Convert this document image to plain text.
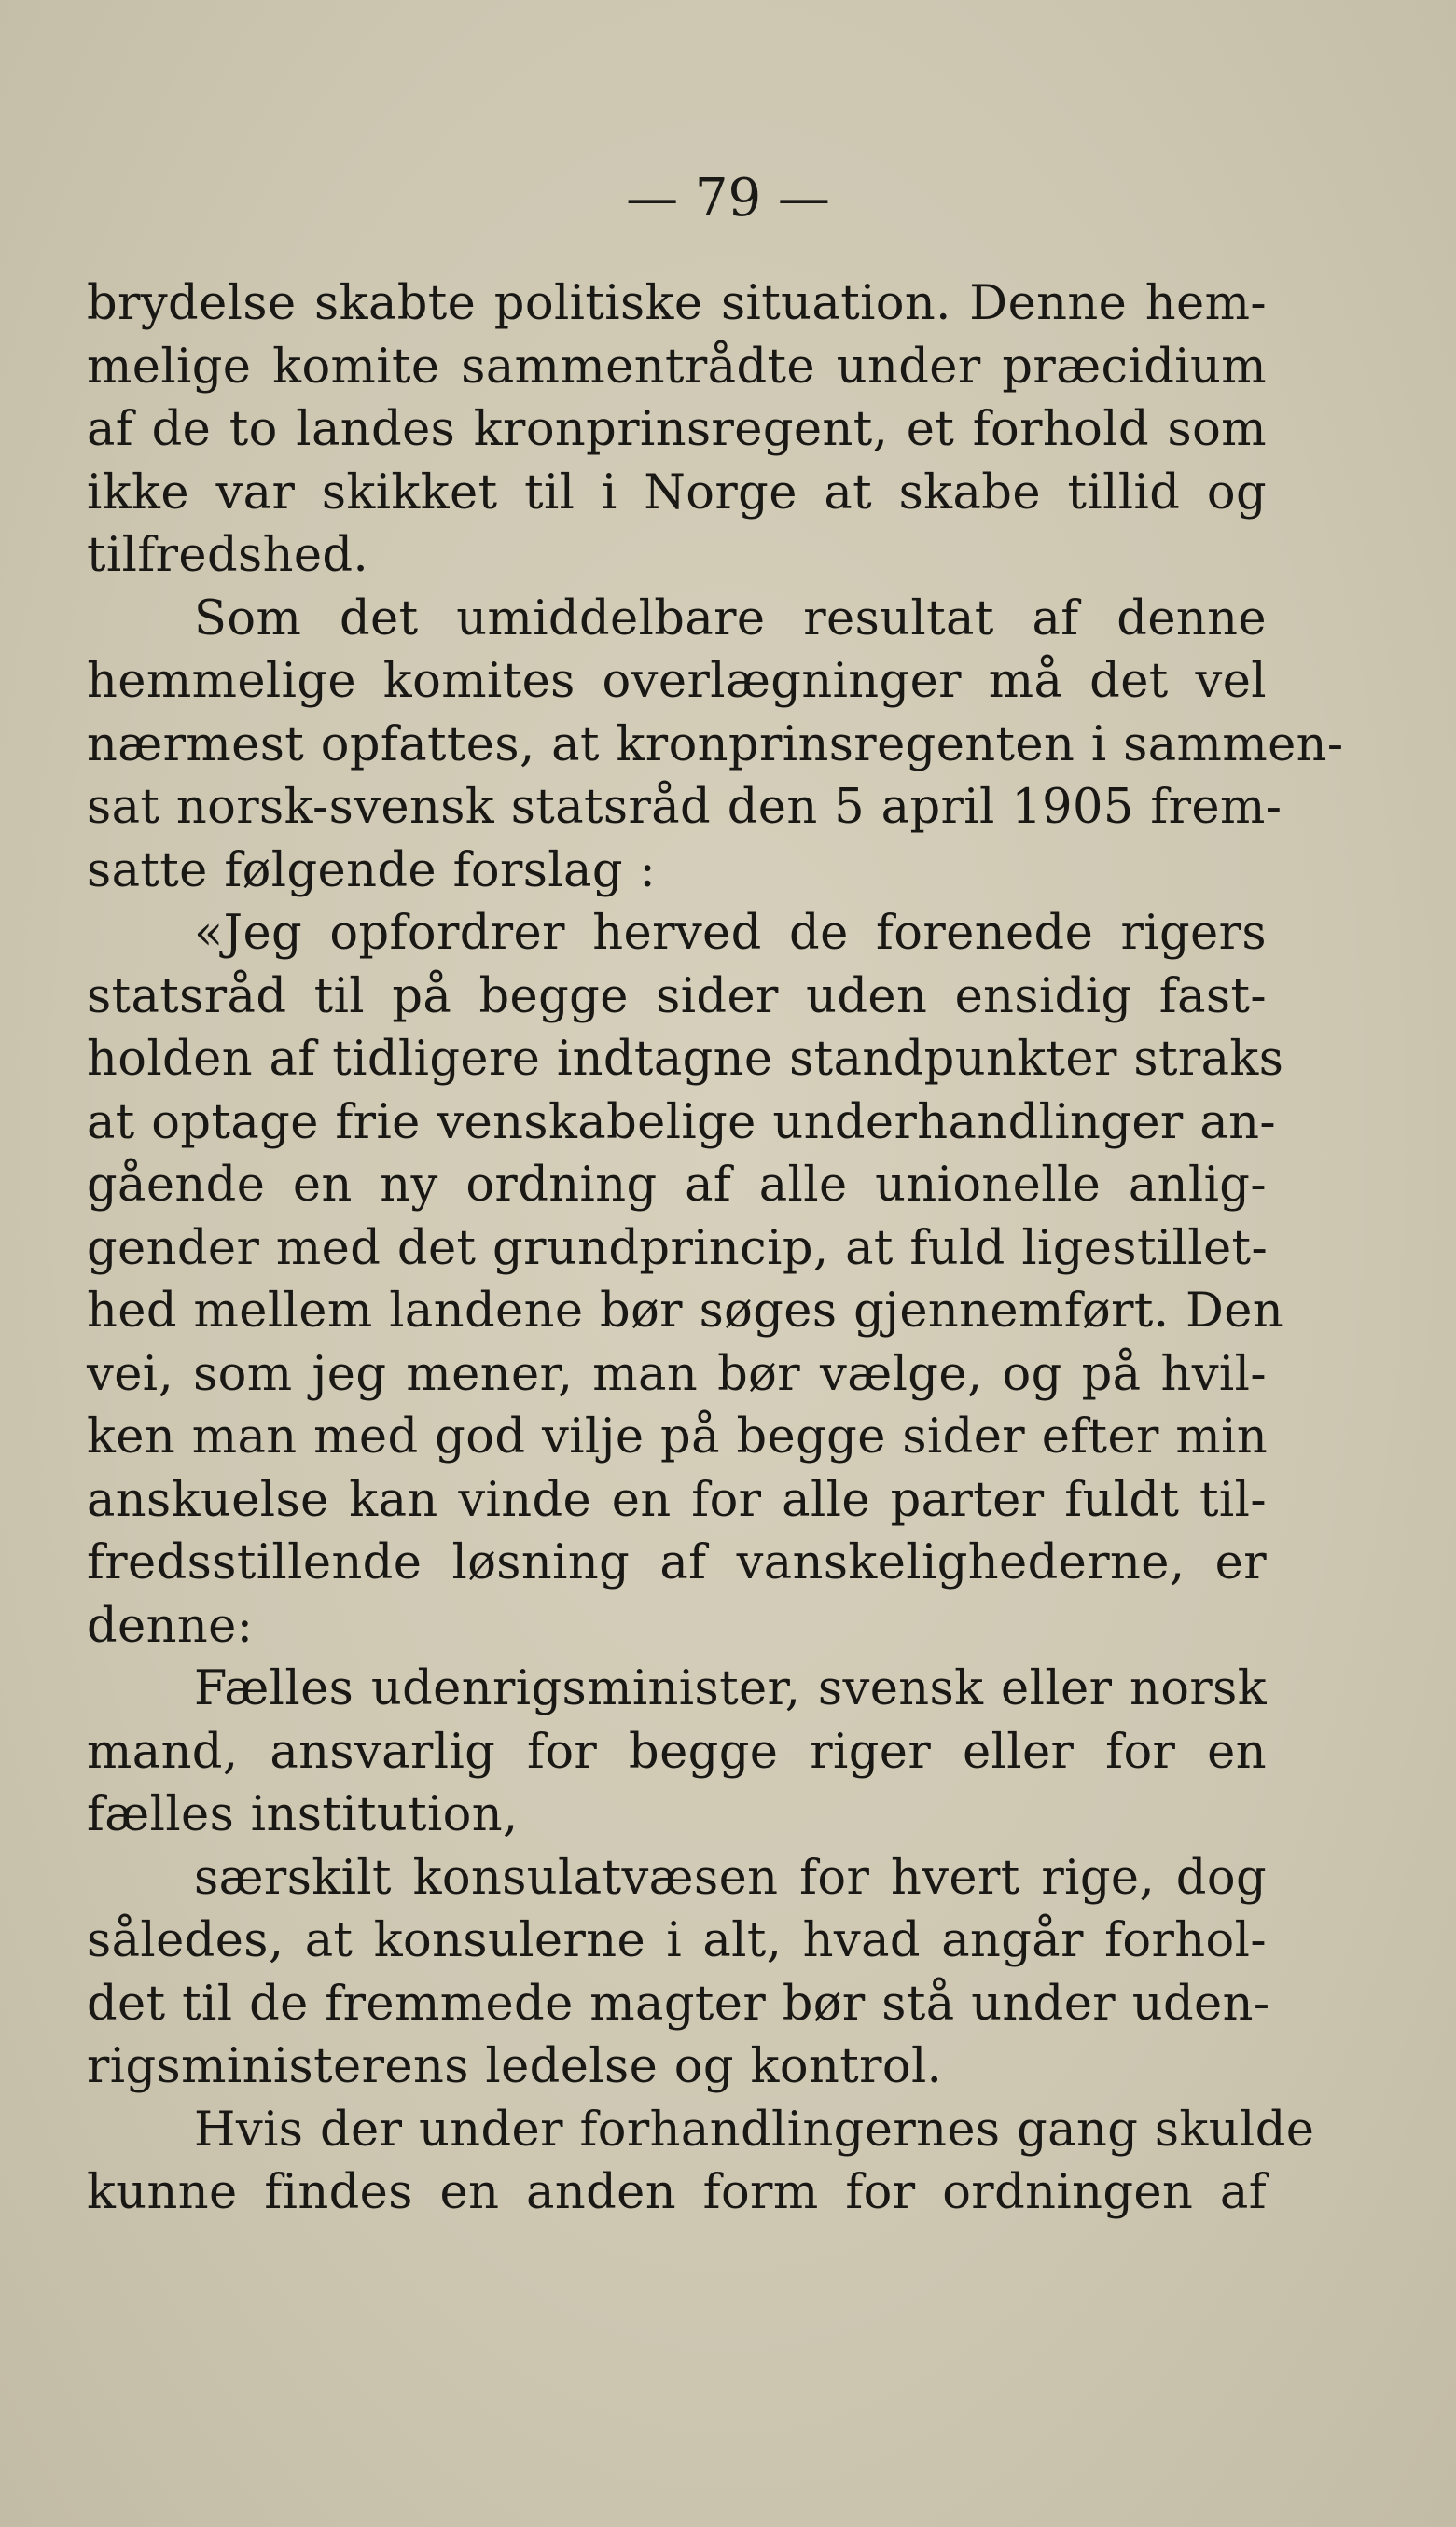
— 79 —
brydelse skabte politiske situation. Denne hem-
melige komite sammentrådte under præcidium
af de to landes kronprinsregent, et forhold som
ikke var skikket til i Norge at skabe tillid og
tilfredshed.
Som det umiddelbare resultat af denne
hemmelige komites overlægninger må det vel
nærmest opfattes, at kronprinsregenten i sammen-
sat norsk-svensk statsråd den 5 april 1905 frem-
satte følgende forslag :
«Jeg opfordrer herved de forenede rigers
statsråd til på begge sider uden ensidig fast-
holden af tidligere indtagne standpunkter straks
at optage frie venskabelige underhandlinger an-
gående en ny ordning af alle unionelle anlig-
gender med det grundprincip, at fuld ligestillet-
hed mellem landene bør søges gjennemført. Den
vei, som jeg mener, man bør vælge, og på hvil-
ken man med god vilje på begge sider efter min
anskuelse kan vinde en for alle parter fuldt til-
fredsstillende løsning af vanskelighederne, er
denne:
Fælles udenrigsminister, svensk eller norsk
mand, ansvarlig for begge riger eller for en
fælles institution,
særskilt konsulatvæsen for hvert rige, dog
således, at konsulerne i alt, hvad angår forhol-
det til de fremmede magter bør stå under uden-
rigsministerens ledelse og kontrol.
Hvis der under forhandlingernes gang skulde
kunne findes en anden form for ordningen af
